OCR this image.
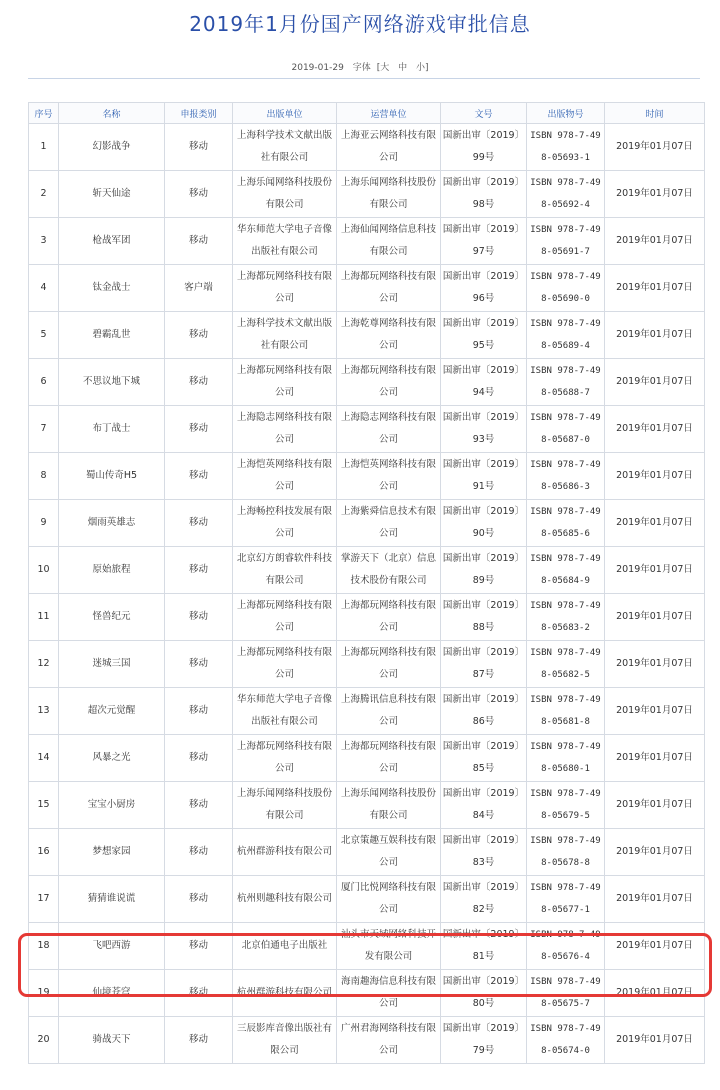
2019年1月份国产网络游戏审批信息
2019-01-29 字体 [大 中 小]
序号	名称	申报类别	出版单位	运营单位	文号	出版物号	时间
1	幻影战争	移动	上海科学技术文献出版社有限公司	上海亚云网络科技有限公司	国新出审〔2019〕99号	ISBN 978-7-498-05693-1	2019年01月07日
2	斩天仙途	移动	上海乐闻网络科技股份有限公司	上海乐闻网络科技股份有限公司	国新出审〔2019〕98号	ISBN 978-7-498-05692-4	2019年01月07日
3	枪战军团	移动	华东师范大学电子音像出版社有限公司	上海仙闻网络信息科技有限公司	国新出审〔2019〕97号	ISBN 978-7-498-05691-7	2019年01月07日
4	钛金战士	客户端	上海都玩网络科技有限公司	上海都玩网络科技有限公司	国新出审〔2019〕96号	ISBN 978-7-498-05690-0	2019年01月07日
5	碧霸乱世	移动	上海科学技术文献出版社有限公司	上海乾尊网络科技有限公司	国新出审〔2019〕95号	ISBN 978-7-498-05689-4	2019年01月07日
6	不思议地下城	移动	上海都玩网络科技有限公司	上海都玩网络科技有限公司	国新出审〔2019〕94号	ISBN 978-7-498-05688-7	2019年01月07日
7	布丁战士	移动	上海隐志网络科技有限公司	上海隐志网络科技有限公司	国新出审〔2019〕93号	ISBN 978-7-498-05687-0	2019年01月07日
8	蜀山传奇H5	移动	上海恺英网络科技有限公司	上海恺英网络科技有限公司	国新出审〔2019〕91号	ISBN 978-7-498-05686-3	2019年01月07日
9	烟雨英雄志	移动	上海畅控科技发展有限公司	上海紫舜信息技术有限公司	国新出审〔2019〕90号	ISBN 978-7-498-05685-6	2019年01月07日
10	原始旅程	移动	北京幻方朗睿软件科技有限公司	掌游天下（北京）信息技术股份有限公司	国新出审〔2019〕89号	ISBN 978-7-498-05684-9	2019年01月07日
11	怪兽纪元	移动	上海都玩网络科技有限公司	上海都玩网络科技有限公司	国新出审〔2019〕88号	ISBN 978-7-498-05683-2	2019年01月07日
12	迷城三国	移动	上海都玩网络科技有限公司	上海都玩网络科技有限公司	国新出审〔2019〕87号	ISBN 978-7-498-05682-5	2019年01月07日
13	超次元觉醒	移动	华东师范大学电子音像出版社有限公司	上海腾讯信息科技有限公司	国新出审〔2019〕86号	ISBN 978-7-498-05681-8	2019年01月07日
14	风暴之光	移动	上海都玩网络科技有限公司	上海都玩网络科技有限公司	国新出审〔2019〕85号	ISBN 978-7-498-05680-1	2019年01月07日
15	宝宝小厨房	移动	上海乐闻网络科技股份有限公司	上海乐闻网络科技股份有限公司	国新出审〔2019〕84号	ISBN 978-7-498-05679-5	2019年01月07日
16	梦想家园	移动	杭州群游科技有限公司	北京策趣互娱科技有限公司	国新出审〔2019〕83号	ISBN 978-7-498-05678-8	2019年01月07日
17	猜猜谁说谎	移动	杭州则趣科技有限公司	厦门比悦网络科技有限公司	国新出审〔2019〕82号	ISBN 978-7-498-05677-1	2019年01月07日
18	飞吧西游	移动	北京伯通电子出版社	汕头市天域网络科技开发有限公司	国新出审〔2019〕81号	ISBN 978-7-498-05676-4	2019年01月07日
19	仙境苍穹	移动	杭州群游科技有限公司	海南趣海信息科技有限公司	国新出审〔2019〕80号	ISBN 978-7-498-05675-7	2019年01月07日
20	骑战天下	移动	三辰影库音像出版社有限公司	广州君海网络科技有限公司	国新出审〔2019〕79号	ISBN 978-7-498-05674-0	2019年01月07日
